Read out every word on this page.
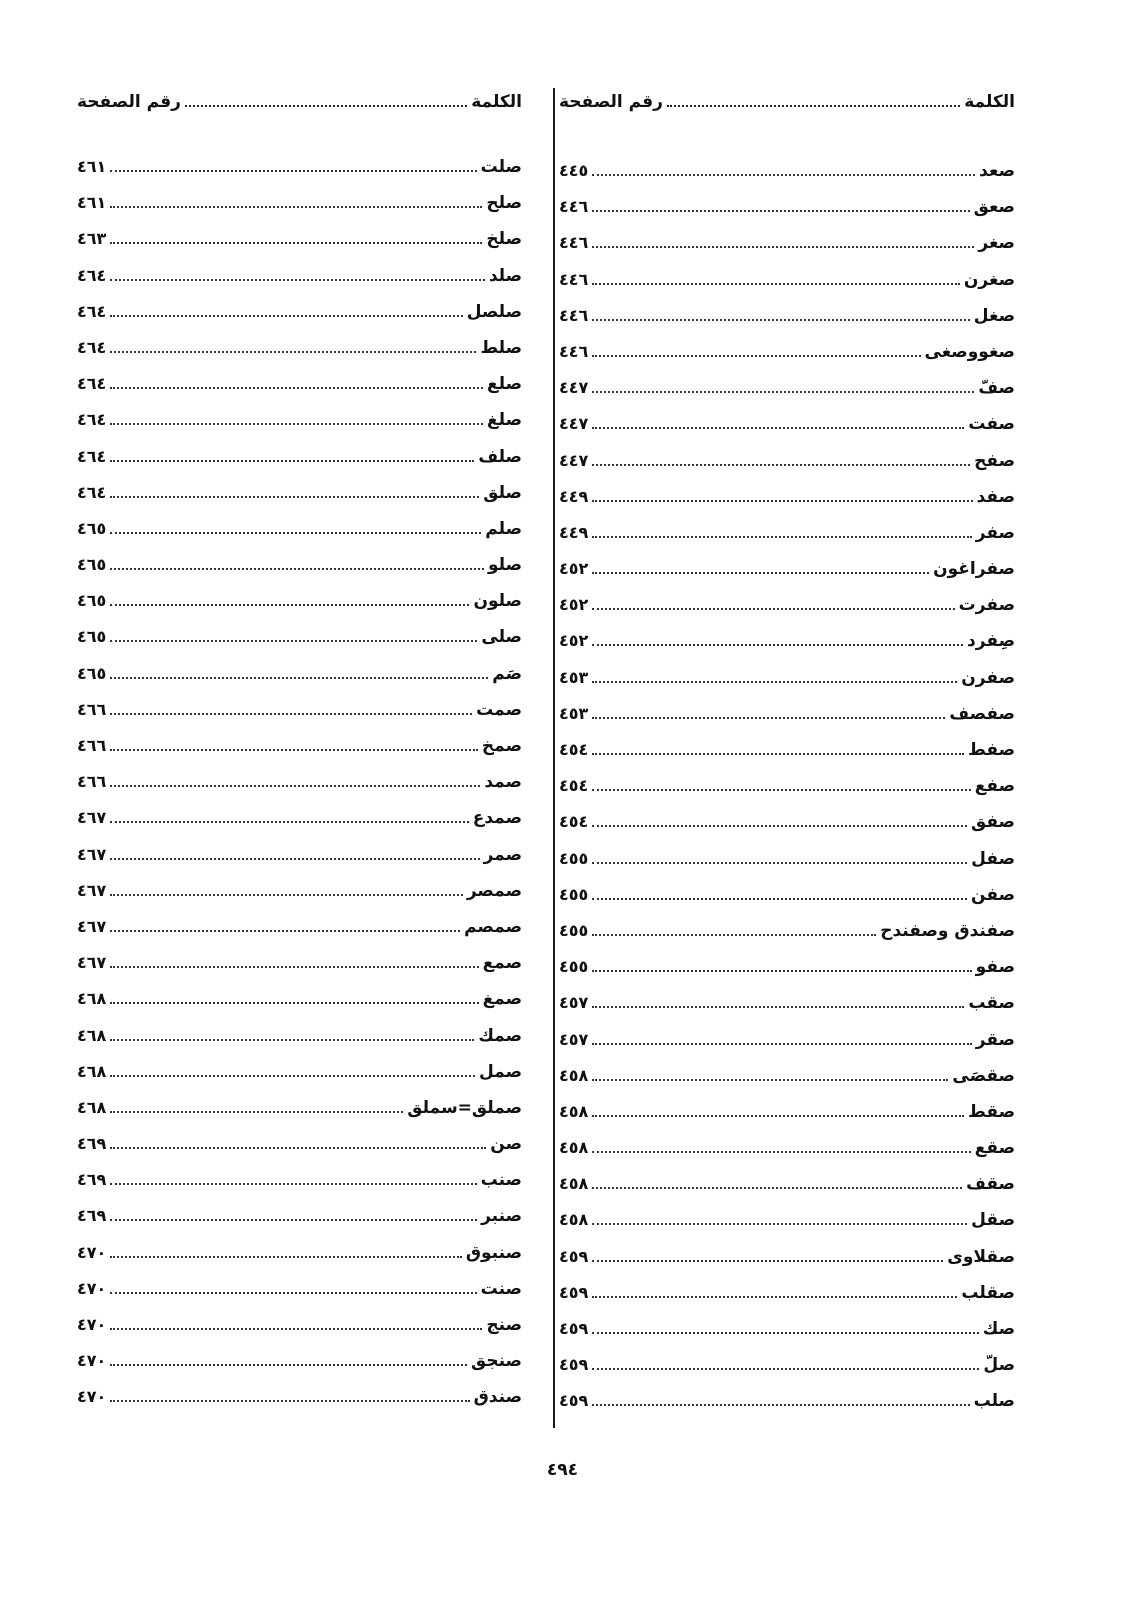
الكلمة
رقم الصفحة
صعد
٤٤٥
صعق
٤٤٦
صغر
٤٤٦
صغرن
٤٤٦
صغل
٤٤٦
صغووصغى
٤٤٦
صفّ
٤٤٧
صفت
٤٤٧
صفح
٤٤٧
صفد
٤٤٩
صفر
٤٤٩
صفراغون
٤٥٢
صفرت
٤٥٢
صِفرد
٤٥٢
صفرن
٤٥٣
صفصف
٤٥٣
صفط
٤٥٤
صفع
٤٥٤
صفق
٤٥٤
صفل
٤٥٥
صفن
٤٥٥
صفندق وصفندح
٤٥٥
صفو
٤٥٥
صقب
٤٥٧
صقر
٤٥٧
صقصَى
٤٥٨
صقط
٤٥٨
صقع
٤٥٨
صقف
٤٥٨
صقل
٤٥٨
صقلاوى
٤٥٩
صقلب
٤٥٩
صك
٤٥٩
صلّ
٤٥٩
صلب
٤٥٩
الكلمة
رقم الصفحة
صلت
٤٦١
صلح
٤٦١
صلخ
٤٦٣
صلد
٤٦٤
صلصل
٤٦٤
صلط
٤٦٤
صلع
٤٦٤
صلغ
٤٦٤
صلف
٤٦٤
صلق
٤٦٤
صلم
٤٦٥
صلو
٤٦٥
صلون
٤٦٥
صلى
٤٦٥
صَم
٤٦٥
صمت
٤٦٦
صمخ
٤٦٦
صمد
٤٦٦
صمدع
٤٦٧
صمر
٤٦٧
صمصر
٤٦٧
صمصم
٤٦٧
صمع
٤٦٧
صمغ
٤٦٨
صمك
٤٦٨
صمل
٤٦٨
صملق=سملق
٤٦٨
صن
٤٦٩
صنب
٤٦٩
صنبر
٤٦٩
صنبوق
٤٧٠
صنت
٤٧٠
صنج
٤٧٠
صنجق
٤٧٠
صندق
٤٧٠
٤٩٤
